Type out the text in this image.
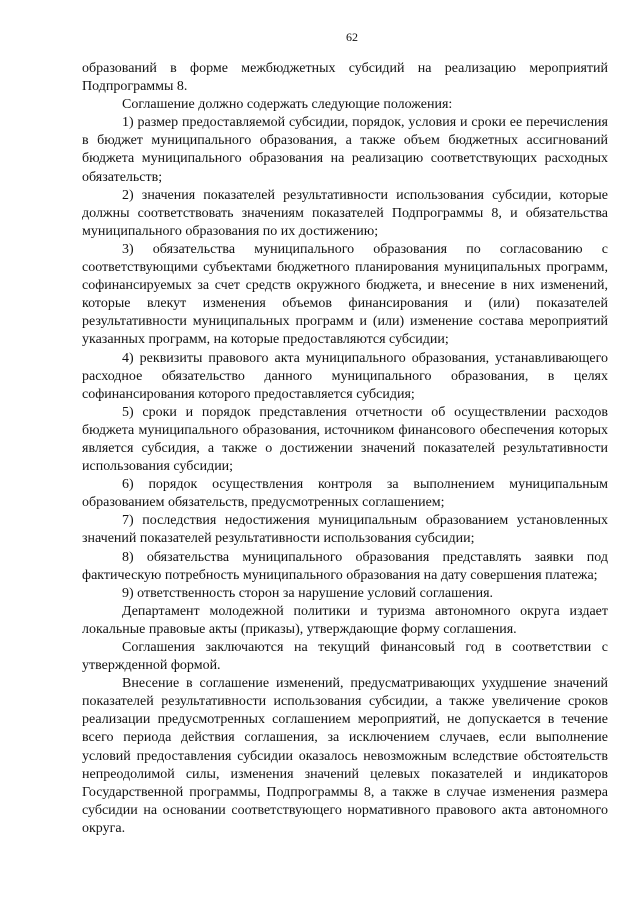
62

образований в форме межбюджетных субсидий на реализацию мероприятий Подпрограммы 8.

Соглашение должно содержать следующие положения:

1) размер предоставляемой субсидии, порядок, условия и сроки ее перечисления в бюджет муниципального образования, а также объем бюджетных ассигнований бюджета муниципального образования на реализацию соответствующих расходных обязательств;

2) значения показателей результативности использования субсидии, которые должны соответствовать значениям показателей Подпрограммы 8, и обязательства муниципального образования по их достижению;

3) обязательства муниципального образования по согласованию с соответствующими субъектами бюджетного планирования муниципальных программ, софинансируемых за счет средств окружного бюджета, и внесение в них изменений, которые влекут изменения объемов финансирования и (или) показателей результативности муниципальных программ и (или) изменение состава мероприятий указанных программ, на которые предоставляются субсидии;

4) реквизиты правового акта муниципального образования, устанавливающего расходное обязательство данного муниципального образования, в целях софинансирования которого предоставляется субсидия;

5) сроки и порядок представления отчетности об осуществлении расходов бюджета муниципального образования, источником финансового обеспечения которых является субсидия, а также о достижении значений показателей результативности использования субсидии;

6) порядок осуществления контроля за выполнением муниципальным образованием обязательств, предусмотренных соглашением;

7) последствия недостижения муниципальным образованием установленных значений показателей результативности использования субсидии;

8) обязательства муниципального образования представлять заявки под фактическую потребность муниципального образования на дату совершения платежа;

9) ответственность сторон за нарушение условий соглашения.

Департамент молодежной политики и туризма автономного округа издает локальные правовые акты (приказы), утверждающие форму соглашения.

Соглашения заключаются на текущий финансовый год в соответствии с утвержденной формой.

Внесение в соглашение изменений, предусматривающих ухудшение значений показателей результативности использования субсидии, а также увеличение сроков реализации предусмотренных соглашением мероприятий, не допускается в течение всего периода действия соглашения, за исключением случаев, если выполнение условий предоставления субсидии оказалось невозможным вследствие обстоятельств непреодолимой силы, изменения значений целевых показателей и индикаторов Государственной программы, Подпрограммы 8, а также в случае изменения размера субсидии на основании соответствующего нормативного правового акта автономного округа.
